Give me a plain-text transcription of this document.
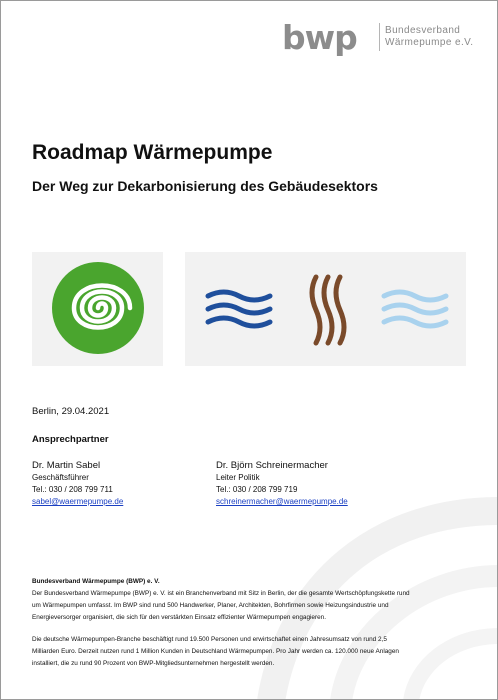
bwp	Bundesverband
Wärmepumpe e.V.
Roadmap Wärmepumpe
Der Weg zur Dekarbonisierung des Gebäudesektors
Berlin, 29.04.2021
Ansprechpartner
Dr. Martin Sabel
Geschäftsführer
Tel.: 030 / 208 799 711
sabel@waermepumpe.de
Dr. Björn Schreinermacher
Leiter Politik
Tel.: 030 / 208 799 719
schreinermacher@waermepumpe.de
Bundesverband Wärmepumpe (BWP) e. V.

Der Bundesverband Wärmepumpe (BWP) e. V. ist ein Branchenverband mit Sitz in Berlin, der die gesamte Wertschöpfungskette rund
um Wärmepumpen umfasst. Im BWP sind rund 500 Handwerker, Planer, Architekten, Bohrfirmen sowie Heizungsindustrie und
Energieversorger organisiert, die sich für den verstärkten Einsatz effizienter Wärmepumpen engagieren.

Die deutsche Wärmepumpen-Branche beschäftigt rund 19.500 Personen und erwirtschaftet einen Jahresumsatz von rund 2,5
Milliarden Euro. Derzeit nutzen rund 1 Million Kunden in Deutschland Wärmepumpen. Pro Jahr werden ca. 120.000 neue Anlagen
installiert, die zu rund 90 Prozent von BWP-Mitgliedsunternehmen hergestellt werden.
